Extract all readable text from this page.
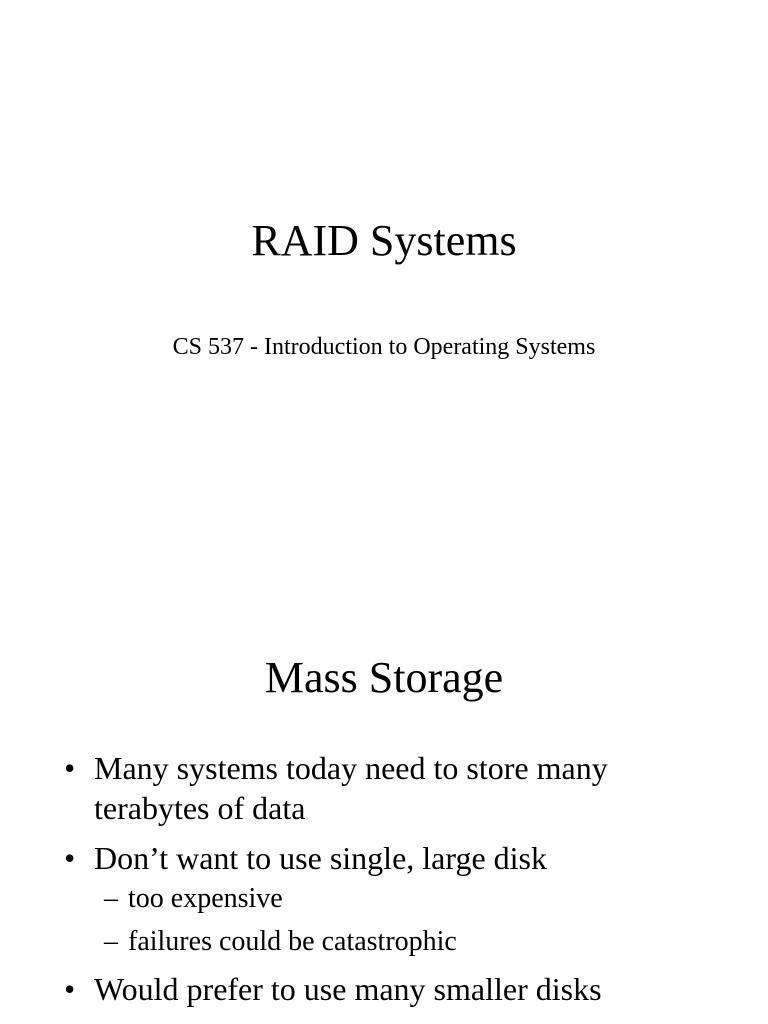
RAID Systems
CS 537 - Introduction to Operating Systems
Mass Storage
• Many systems today need to store many terabytes of data
• Don’t want to use single, large disk
– too expensive
– failures could be catastrophic
• Would prefer to use many smaller disks
